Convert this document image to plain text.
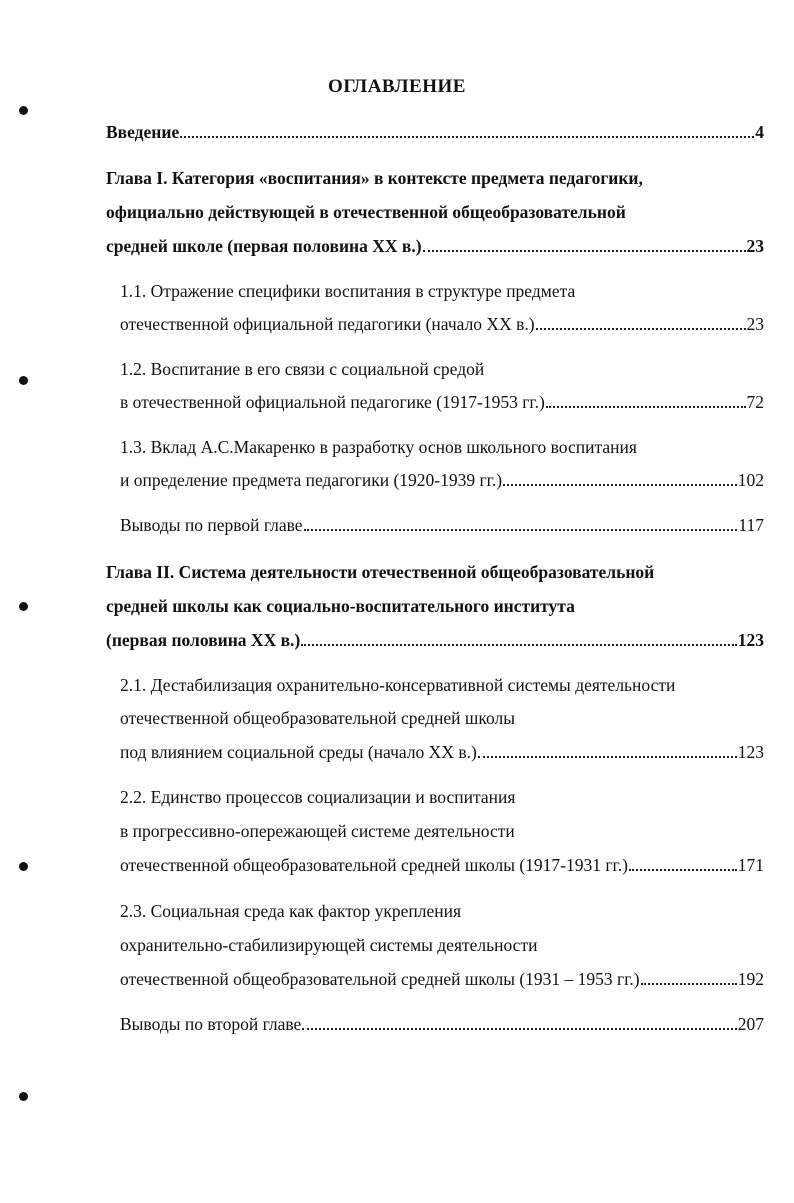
ОГЛАВЛЕНИЕ
Введение	4
Глава I. Категория «воспитания» в контексте предмета педагогики,
официально действующей в отечественной общеобразовательной
средней школе (первая половина XX в.)	23
1.1. Отражение специфики воспитания в структуре предмета
отечественной официальной педагогики (начало XX в.)	23
1.2. Воспитание в его связи с социальной средой
в отечественной официальной педагогике (1917-1953 гг.)	72
1.3. Вклад А.С.Макаренко в разработку основ школьного воспитания
и определение предмета педагогики (1920-1939 гг.)	102
Выводы по первой главе	117
Глава II. Система деятельности отечественной общеобразовательной
средней школы как социально-воспитательного института
(первая половина XX в.)	123
2.1. Дестабилизация охранительно-консервативной системы деятельности
отечественной общеобразовательной средней школы
под влиянием социальной среды (начало XX в.)	123
2.2. Единство процессов социализации и воспитания
в прогрессивно-опережающей системе деятельности
отечественной общеобразовательной средней школы (1917-1931 гг.)	171
2.3. Социальная среда как фактор укрепления
охранительно-стабилизирующей системы деятельности
отечественной общеобразовательной средней школы (1931 – 1953 гг.)	192
Выводы по второй главе	207
